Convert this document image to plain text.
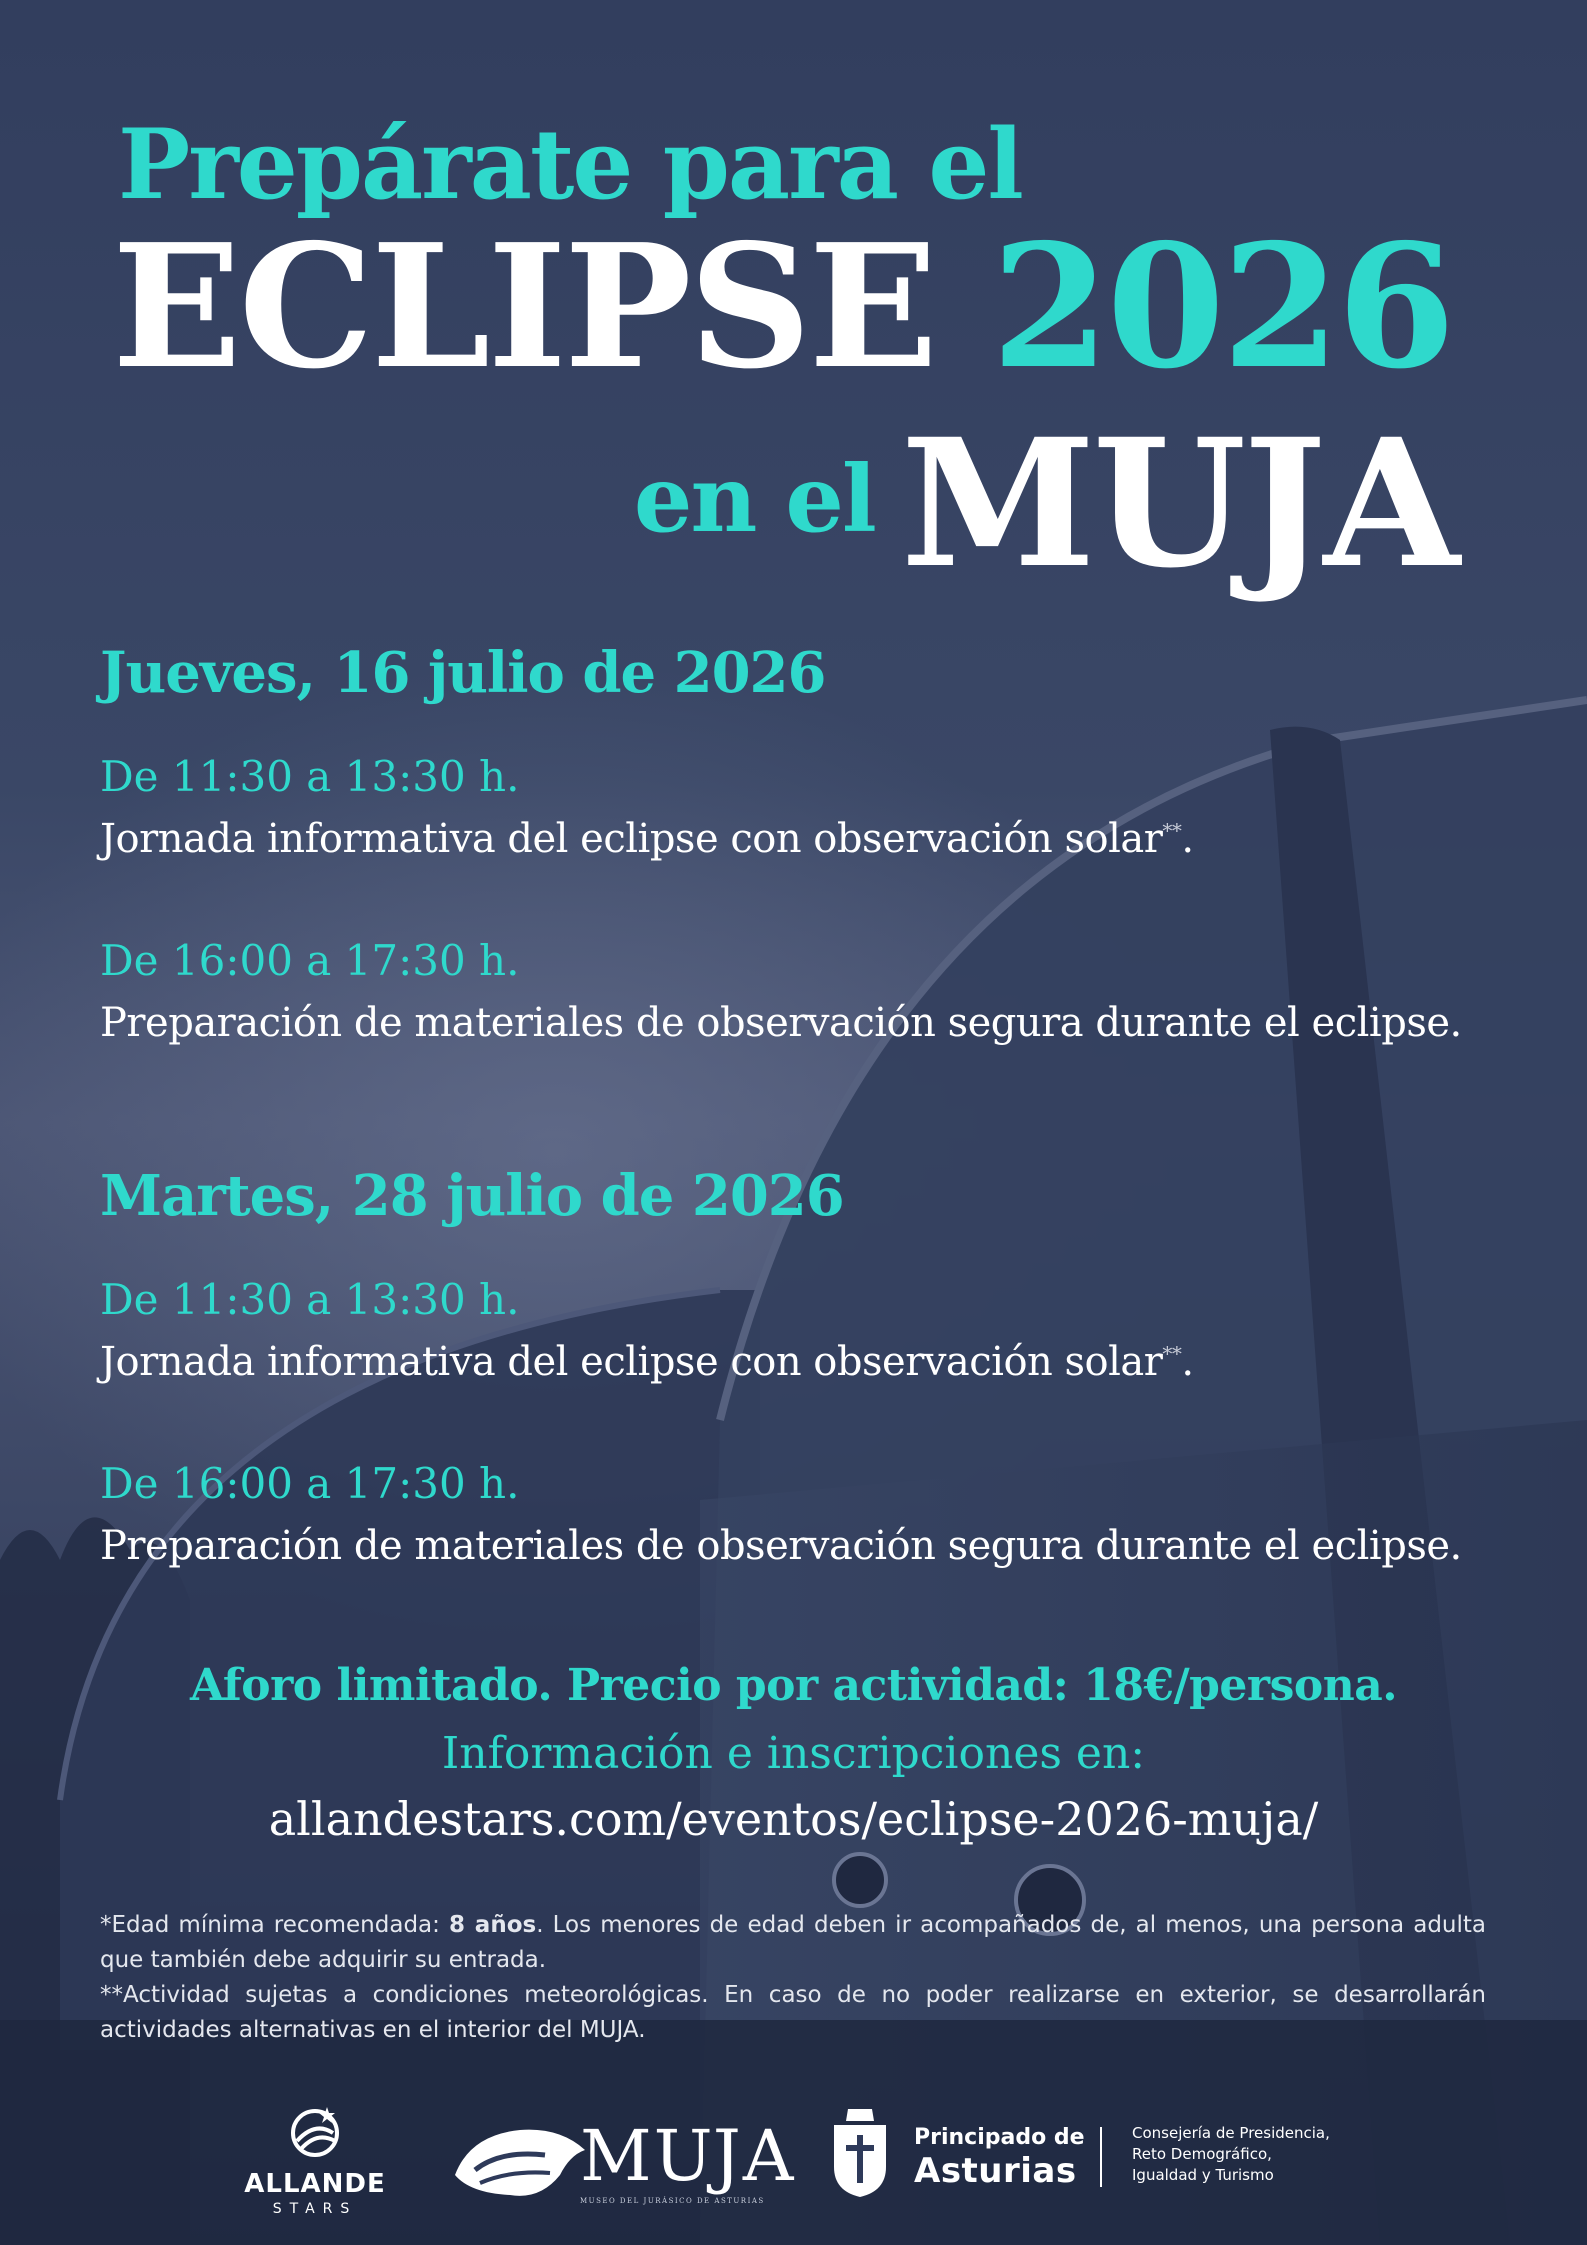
Prepárate para el
ECLIPSE 2026
en el MUJA
Jueves, 16 julio de 2026

De 11:30 a 13:30 h.

Jornada informativa del eclipse con observación solar**.

De 16:00 a 17:30 h.

Preparación de materiales de observación segura durante el eclipse.

Martes, 28 julio de 2026

De 11:30 a 13:30 h.

Jornada informativa del eclipse con observación solar**.

De 16:00 a 17:30 h.

Preparación de materiales de observación segura durante el eclipse.

Aforo limitado. Precio por actividad: 18€/persona.

Información e inscripciones en:

allandestars.com/eventos/eclipse-2026-muja/

*Edad mínima recomendada: 8 años. Los menores de edad deben ir acompañados de, al menos, una persona adulta que también debe adquirir su entrada.

**Actividad sujetas a condiciones meteorológicas. En caso de no poder realizarse en exterior, se desarrollarán actividades alternativas en el interior del MUJA.

ALLANDE
STARS
MUJA
MUSEO DEL JURÁSICO DE ASTURIAS
Principado de
Asturias
Consejería de Presidencia,
Reto Demográfico,
Igualdad y Turismo
